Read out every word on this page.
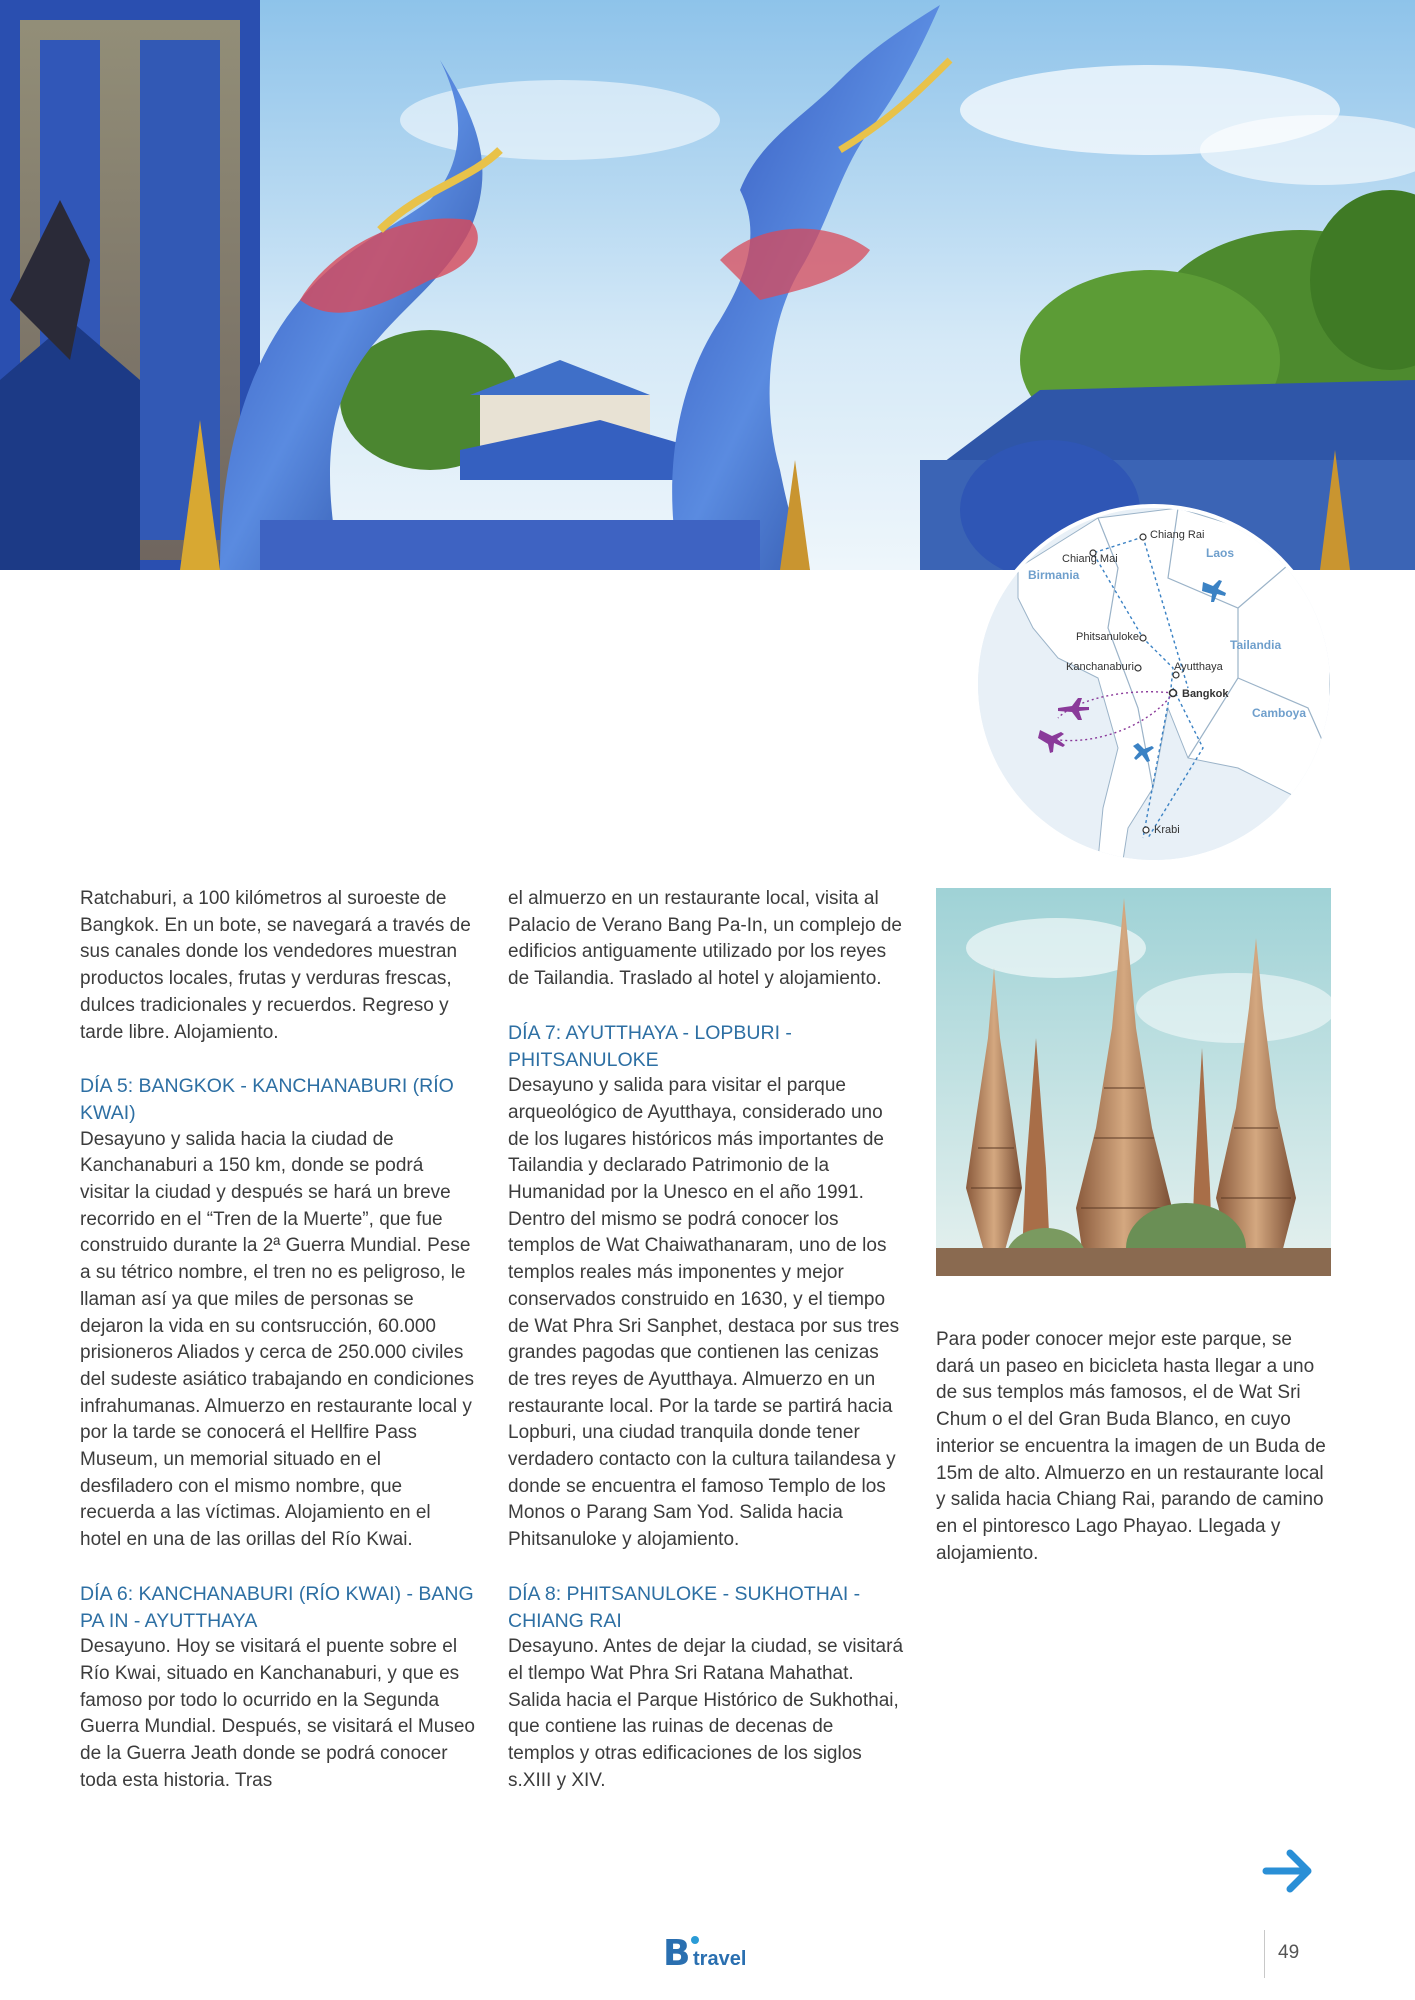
Chiang Rai
Chiang Mai
Phitsanuloke
Kanchanaburi	Ayutthaya
Bangkok
Krabi
Laos
Birmania
Tailandia
Camboya

Ratchaburi, a 100 kilómetros al suroeste de Bangkok. En un bote, se navegará a través de sus canales donde los vendedores muestran productos locales, frutas y verduras frescas, dulces tradicionales y recuerdos. Regreso y tarde libre. Alojamiento.

DÍA 5: BANGKOK - KANCHANABURI (RÍO KWAI)

Desayuno y salida hacia la ciudad de Kanchanaburi a 150 km, donde se podrá visitar la ciudad y después se hará un breve recorrido en el “Tren de la Muerte”, que fue construido durante la 2ª Guerra Mundial. Pese a su tétrico nombre, el tren no es peligroso, le llaman así ya que miles de personas se dejaron la vida en su contsrucción, 60.000 prisioneros Aliados y cerca de 250.000 civiles del sudeste asiático trabajando en condiciones infrahumanas. Almuerzo en restaurante local y por la tarde se conocerá el Hellfire Pass Museum, un memorial situado en el desfiladero con el mismo nombre, que recuerda a las víctimas. Alojamiento en el hotel en una de las orillas del Río Kwai.

DÍA 6: KANCHANABURI (RÍO KWAI) - BANG PA IN - AYUTTHAYA

Desayuno. Hoy se visitará el puente sobre el Río Kwai, situado en Kanchanaburi, y que es famoso por todo lo ocurrido en la Segunda Guerra Mundial. Después, se visitará el Museo de la Guerra Jeath donde se podrá conocer toda esta historia. Tras

el almuerzo en un restaurante local, visita al Palacio de Verano Bang Pa-In, un complejo de edificios antiguamente utilizado por los reyes de Tailandia. Traslado al hotel y alojamiento.

DÍA 7: AYUTTHAYA - LOPBURI - PHITSANULOKE

Desayuno y salida para visitar el parque arqueológico de Ayutthaya, considerado uno de los lugares históricos más importantes de Tailandia y declarado Patrimonio de la Humanidad por la Unesco en el año 1991. Dentro del mismo se podrá conocer los templos de Wat Chaiwathanaram, uno de los templos reales más imponentes y mejor conservados construido en 1630, y el tiempo de Wat Phra Sri Sanphet, destaca por sus tres grandes pagodas que contienen las cenizas de tres reyes de Ayutthaya. Almuerzo en un restaurante local. Por la tarde se partirá hacia Lopburi, una ciudad tranquila donde tener verdadero contacto con la cultura tailandesa y donde se encuentra el famoso Templo de los Monos o Parang Sam Yod. Salida hacia Phitsanuloke y alojamiento.

DÍA 8: PHITSANULOKE - SUKHOTHAI - CHIANG RAI

Desayuno. Antes de dejar la ciudad, se visitará el tlempo Wat Phra Sri Ratana Mahathat. Salida hacia el Parque Histórico de Sukhothai, que contiene las ruinas de decenas de templos y otras edificaciones de los siglos s.XIII y XIV.

Para poder conocer mejor este parque, se dará un paseo en bicicleta hasta llegar a uno de sus templos más famosos, el de Wat Sri Chum o el del Gran Buda Blanco, en cuyo interior se encuentra la imagen de un Buda de 15m de alto. Almuerzo en un restaurante local y salida hacia Chiang Rai, parando de camino en el pintoresco Lago Phayao. Llegada y alojamiento.

B travel	49
